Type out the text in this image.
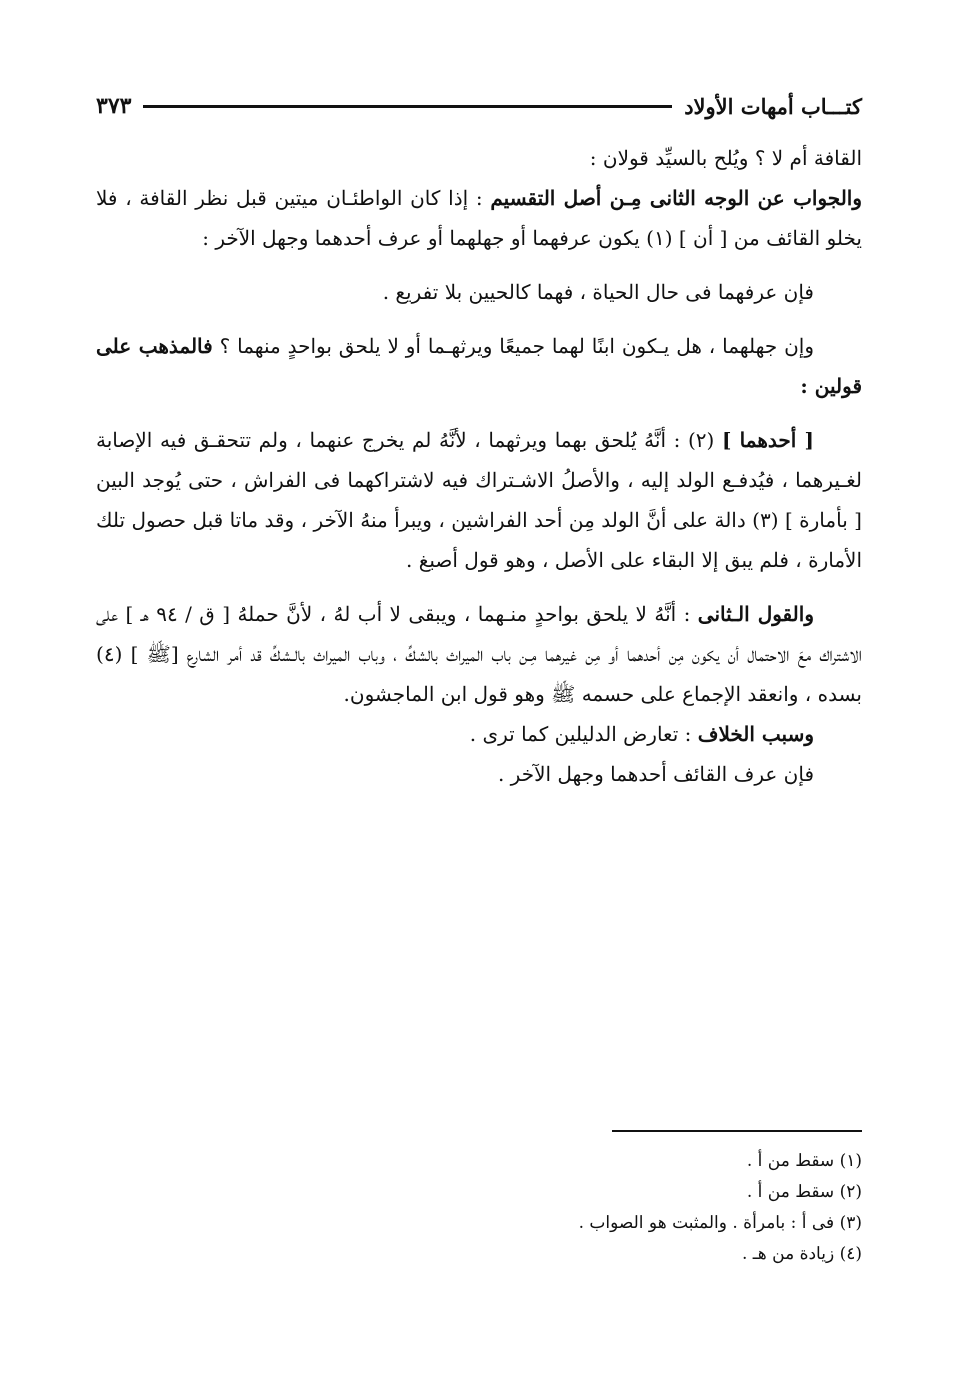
كتـــاب أمهات الأولاد
٣٧٣

القافة أم لا ؟ ويُلح بالسيِّد قولان :

والجواب عن الوجه الثانى مِـن أصل التقسيم : إذا كان الواطئـان ميتين قبل نظر القافة ، فلا يخلو القائف من [ أن ] (١) يكون عرفهما أو جهلهما أو عرف أحدهما وجهل الآخر :

فإن عرفهما فى حال الحياة ، فهما كالحيين بلا تفريع .

وإن جهلهما ، هل يـكون ابنًا لهما جميعًا ويرثهـما أو لا يلحق بواحدٍ منهما ؟ فالمذهب على قولين :

[ أحدهما ] (٢) : أنَّهُ يُلحق بهما ويرثهما ، لأنَّهُ لم يخرج عنهما ، ولم تتحقـق فيه الإصابة لغـيرهما ، فيُدفـع الولد إليه ، والأصلُ الاشـتراك فيه لاشتراكهما فى الفراش ، حتى يُوجد البين [ بأمارة ] (٣) دالة على أنَّ الولد مِن أحد الفراشين ، ويبرأ منهُ الآخر ، وقد ماتا قبل حصول تلك الأمارة ، فلم يبق إلا البقاء على الأصل ، وهو قول أصبغ .

والقول الـثانى : أنَّهُ لا يلحق بواحدٍ منـهما ، ويبقى لا أب لهُ ، لأنَّ حملهُ [ ق / ٩٤ هـ ] على الاشتراك معَ الاحتمال أن يكون مِن أحدهما أو مِن غيرهما مِـن باب الميراث بالشكِّ ، وباب الميراث بالـشكِّ قد أمر الشارع [ﷺ ] (٤) بسده ، وانعقد الإجماع على حسمه ﷺ وهو قول ابن الماجشون.

وسبب الخلاف : تعارض الدليلين كما ترى .

فإن عرف القائف أحدهما وجهل الآخر .

(١) سقط من أ .
(٢) سقط من أ .
(٣) فى أ : بامرأة . والمثبت هو الصواب .
(٤) زيادة من هـ .
